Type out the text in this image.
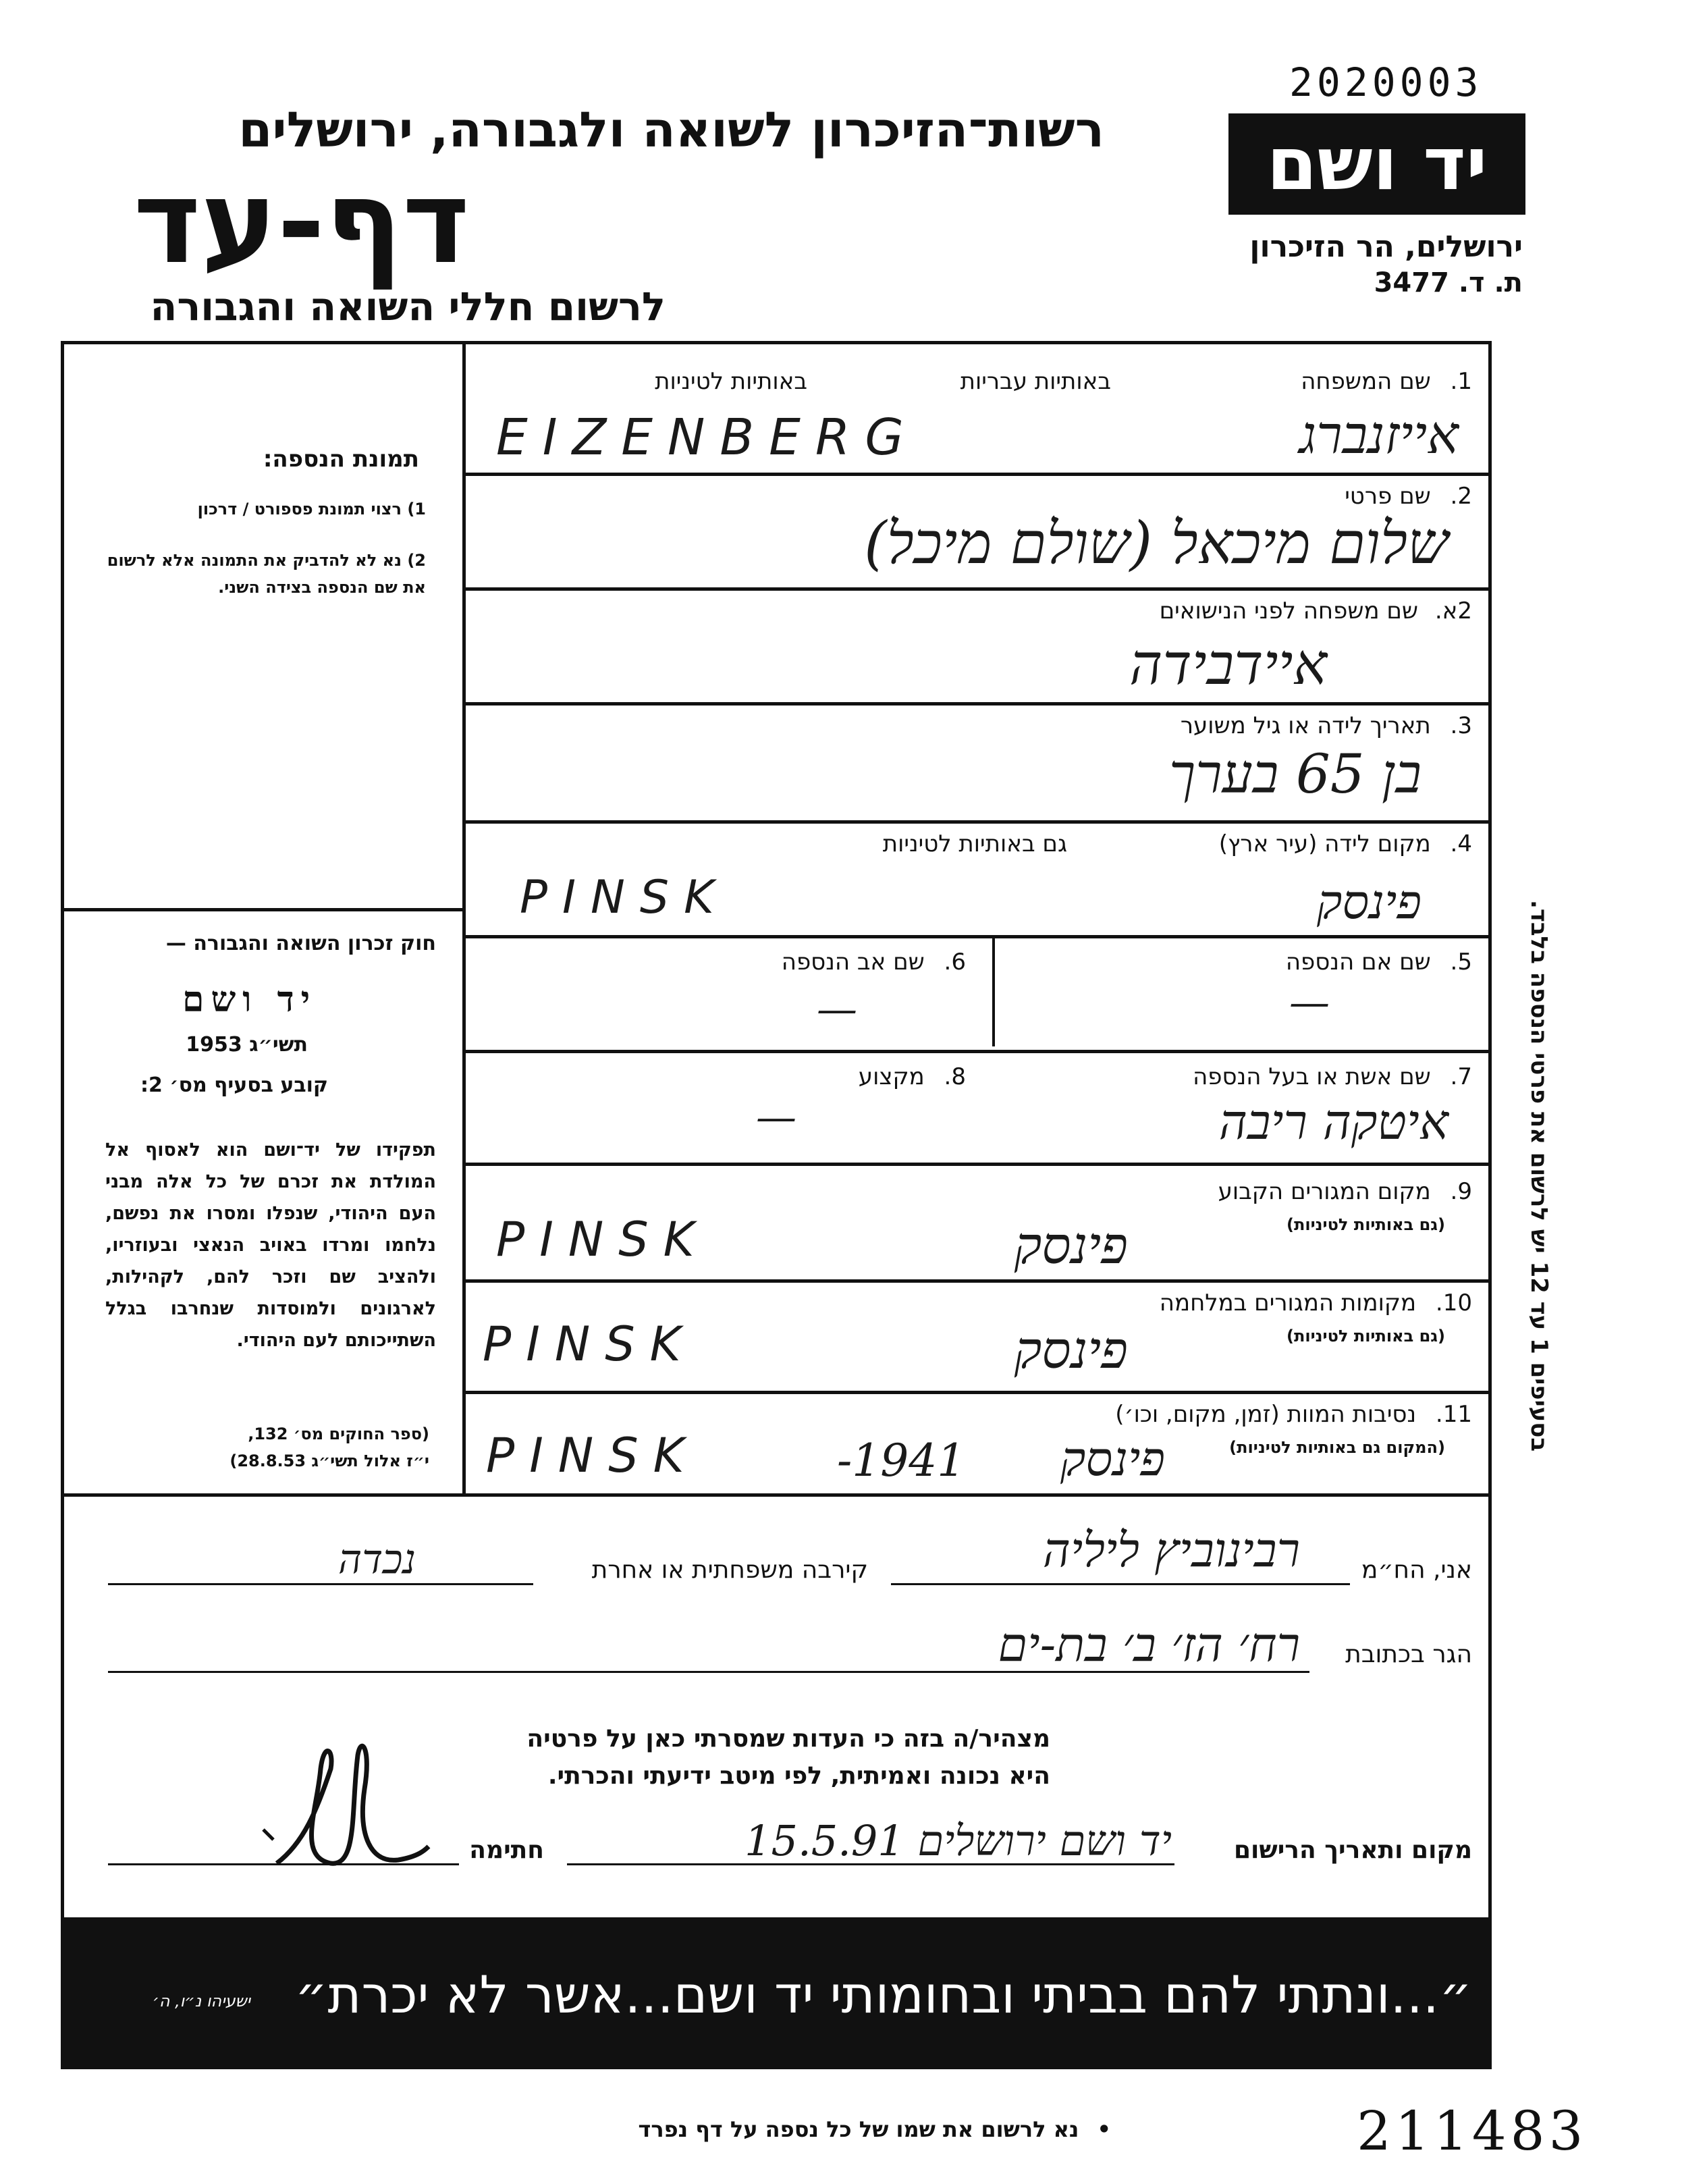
2020003
יד ושם
ירושלים, הר הזיכרון
ת. ד. 3477
רשות־הזיכרון לשואה ולגבורה, ירושלים
דף-עד
לרשום חללי השואה והגבורה
1. שם המשפחה
באותיות עבריות
באותיות לטיניות
אייזנברג
EIZENBERG
2. שם פרטי
שלום מיכאל (שולם מיכל)
2א. שם משפחה לפני הנישואים
איידבידה
3. תאריך לידה או גיל משוער
בן 65 בערך
4. מקום לידה (עיר ארץ)
גם באותיות לטיניות
פינסק
PINSK
5. שם אם הנספה
—
6. שם אב הנספה
—
7. שם אשת או בעל הנספה
איטקה ריבה
8. מקצוע
—
9. מקום המגורים הקבוע
(גם באותיות לטיניות)
פינסק
PINSK
10. מקומות המגורים במלחמה
(גם באותיות לטיניות)
פינסק
PINSK
11. נסיבות המוות (זמן, מקום, וכו׳)
(המקום גם באותיות לטיניות)
פינסק
-1941
PINSK
תמונת הנספה:
1) רצוי תמונת פספורט / דרכון
2) נא לא להדביק את התמונה אלא לרשום את שם הנספה בצידה השני.
חוק זכרון השואה והגבורה —
יד ושם
תשי״ג 1953
קובע בסעיף מס׳ 2:
תפקידו של יד־ושם הוא לאסוף אל המולדת את זכרם של כל אלה מבני העם היהודי, שנפלו ומסרו את נפשם, נלחמו ומרדו באויב הנאצי ובעוזריו, ולהציב שם וזכר להם, לקהילות, לארגונים ולמוסדות שנחרבו בגלל השתייכותם לעם היהודי.
(ספר החוקים מס׳ 132,
י״ז אלול תשי״ג 28.8.53)
בסעיפים 1 עד 12 יש לרשום את פרטי הנספה בלבד.
אני, הח״מ
רבינוביץ ליליה
קירבה משפחתית או אחרת
נכדה
הגר בכתובת
רח׳ הז׳ ב׳ בת-ים
מצהיר/ה בזה כי העדות שמסרתי כאן על פרטיה
היא נכונה ואמיתית, לפי מיטב ידיעתי והכרתי.
מקום ותאריך הרישום
יד ושם ירושלים 15.5.91
חתימה
״...ונתתי להם בביתי ובחומותי יד ושם...אשר לא יכרת״
ישעיהו נ״ו, ה׳
• נא לרשום את שמו של כל נספה על דף נפרד	211483
